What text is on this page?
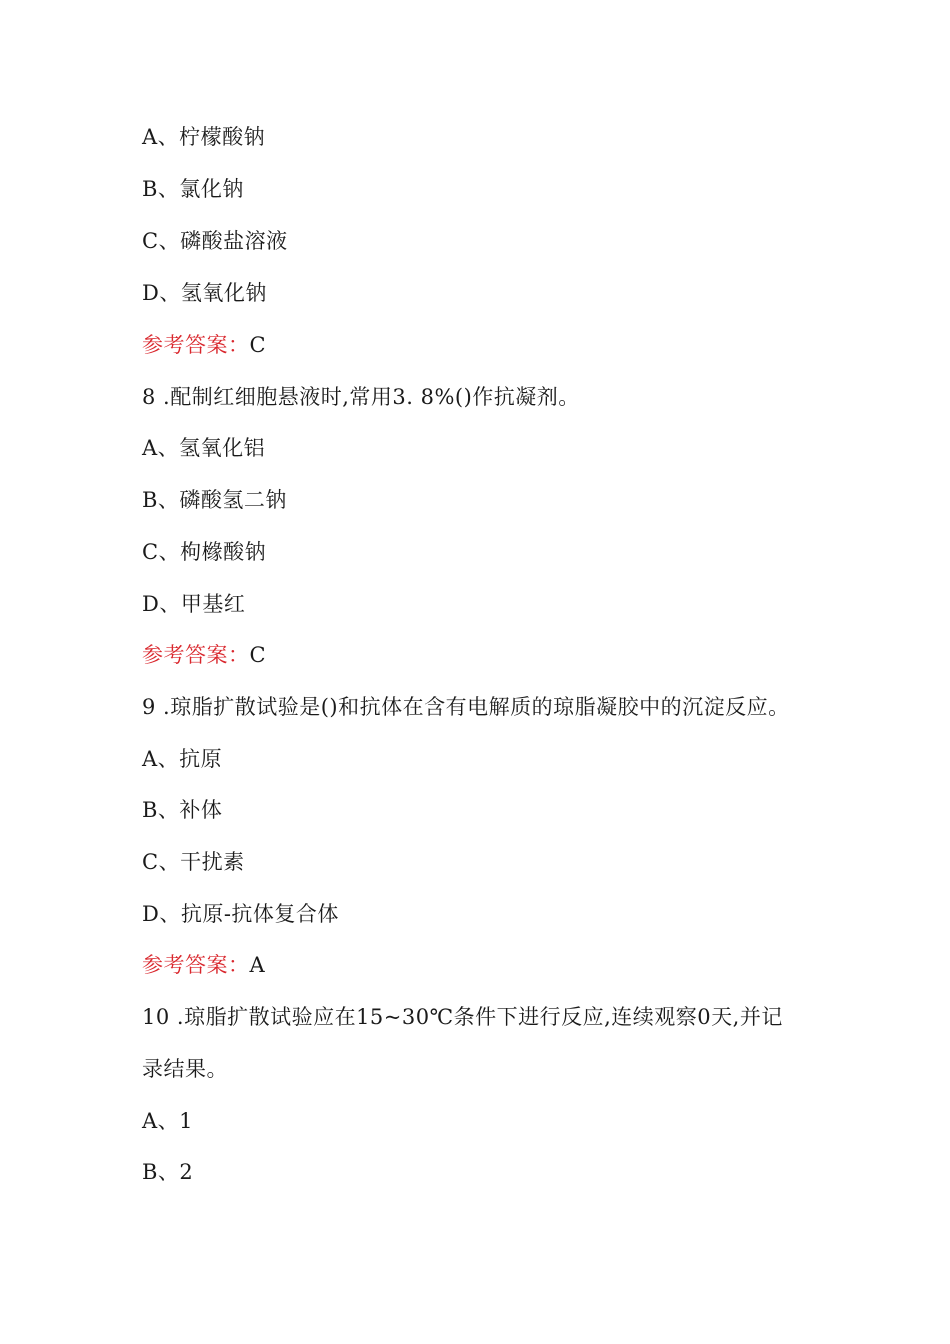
A、柠檬酸钠
B、氯化钠
C、磷酸盐溶液
D、氢氧化钠
参考答案：C
8 .配制红细胞悬液时,常用3. 8%()作抗凝剂。
A、氢氧化铝
B、磷酸氢二钠
C、枸橼酸钠
D、甲基红
参考答案：C
9 .琼脂扩散试验是()和抗体在含有电解质的琼脂凝胶中的沉淀反应。
A、抗原
B、补体
C、干扰素
D、抗原-抗体复合体
参考答案：A
10 .琼脂扩散试验应在15~30℃条件下进行反应,连续观察0天,并记
录结果。
A、1
B、2
